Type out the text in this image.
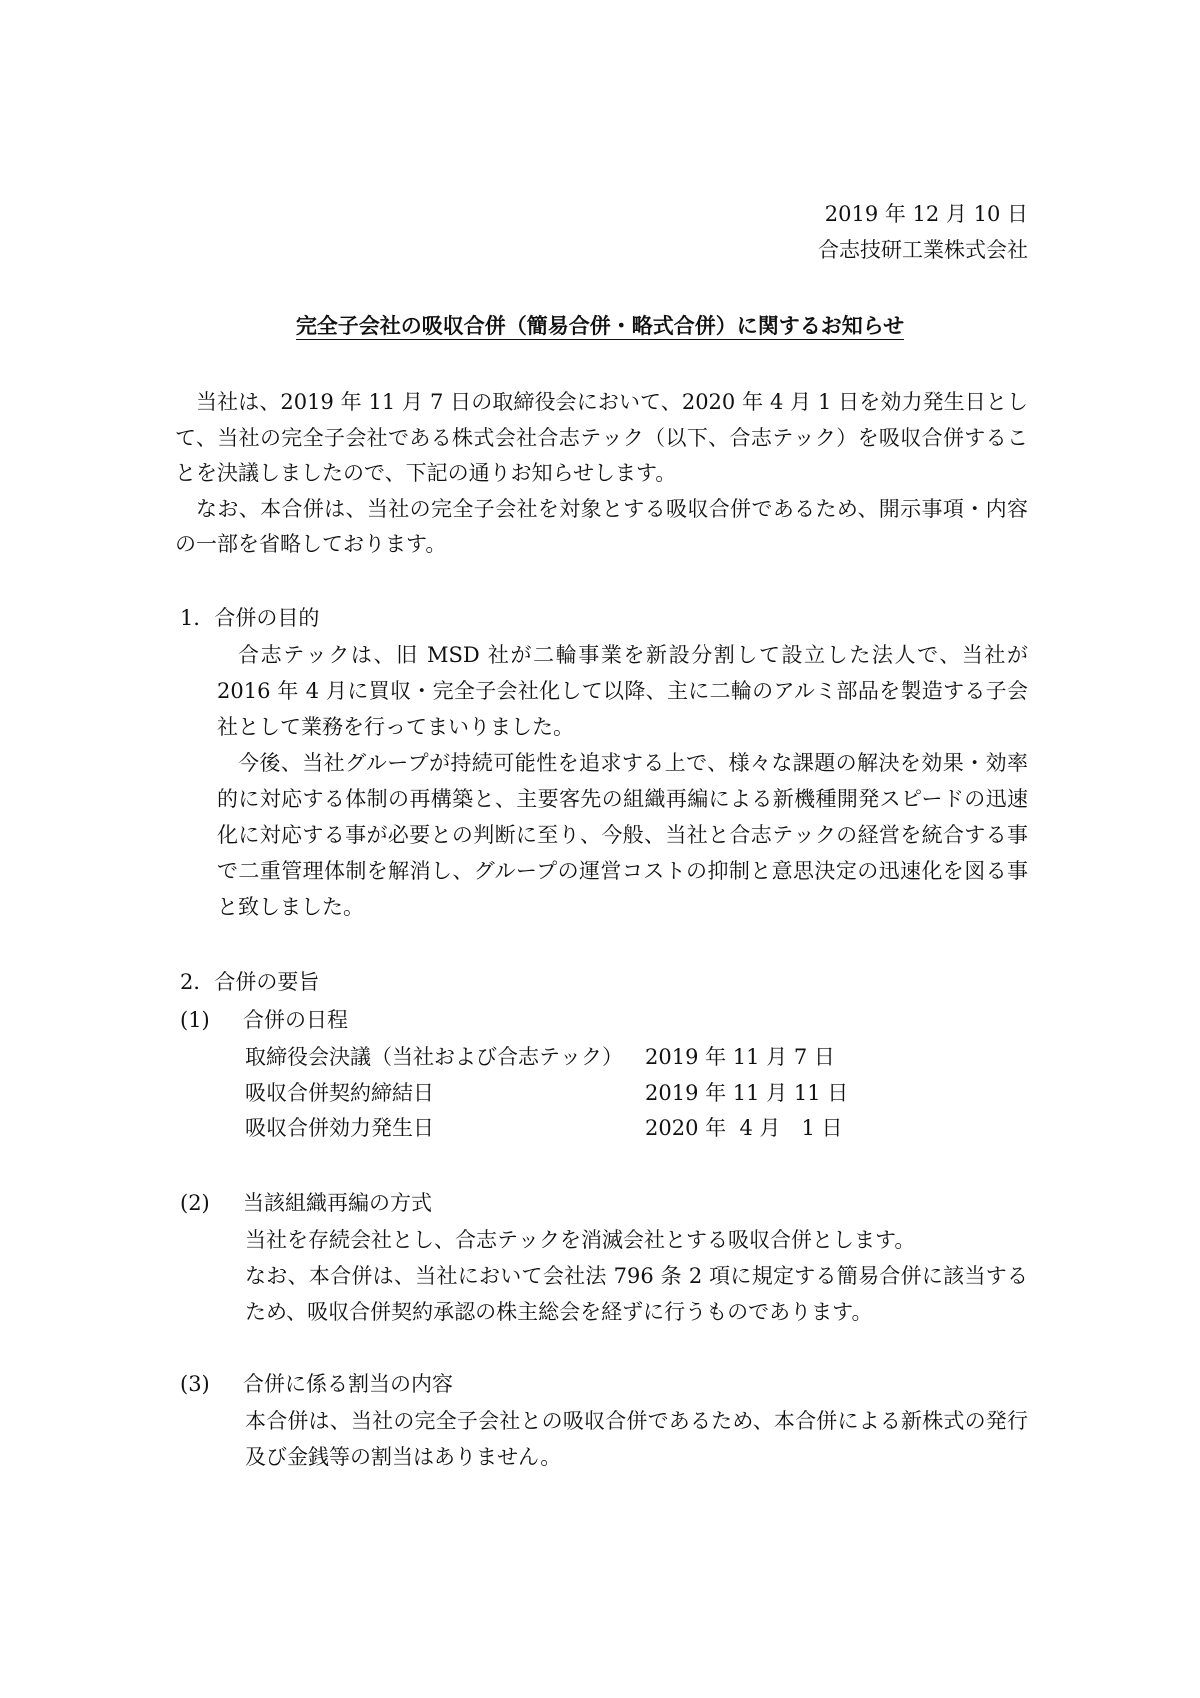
2019 年 12 月 10 日
合志技研工業株式会社
完全子会社の吸収合併（簡易合併・略式合併）に関するお知らせ

当社は、2019 年 11 月 7 日の取締役会において、2020 年 4 月 1 日を効力発生日として、当社の完全子会社である株式会社合志テック（以下、合志テック）を吸収合併することを決議しましたので、下記の通りお知らせします。

なお、本合併は、当社の完全子会社を対象とする吸収合併であるため、開示事項・内容の一部を省略しております。

1．合併の目的

合志テックは、旧 MSD 社が二輪事業を新設分割して設立した法人で、当社が 2016 年 4 月に買収・完全子会社化して以降、主に二輪のアルミ部品を製造する子会社として業務を行ってまいりました。

今後、当社グループが持続可能性を追求する上で、様々な課題の解決を効果・効率的に対応する体制の再構築と、主要客先の組織再編による新機種開発スピードの迅速化に対応する事が必要との判断に至り、今般、当社と合志テックの経営を統合する事で二重管理体制を解消し、グループの運営コストの抑制と意思決定の迅速化を図る事と致しました。

2．合併の要旨
(1) 合併の日程
取締役会決議（当社および合志テック）	2019 年 11 月 7 日
吸収合併契約締結日	2019 年 11 月 11 日
吸収合併効力発生日	2020 年  4 月　1 日
(2) 当該組織再編の方式

当社を存続会社とし、合志テックを消滅会社とする吸収合併とします。

なお、本合併は、当社において会社法 796 条 2 項に規定する簡易合併に該当するため、吸収合併契約承認の株主総会を経ずに行うものであります。

(3) 合併に係る割当の内容

本合併は、当社の完全子会社との吸収合併であるため、本合併による新株式の発行及び金銭等の割当はありません。
